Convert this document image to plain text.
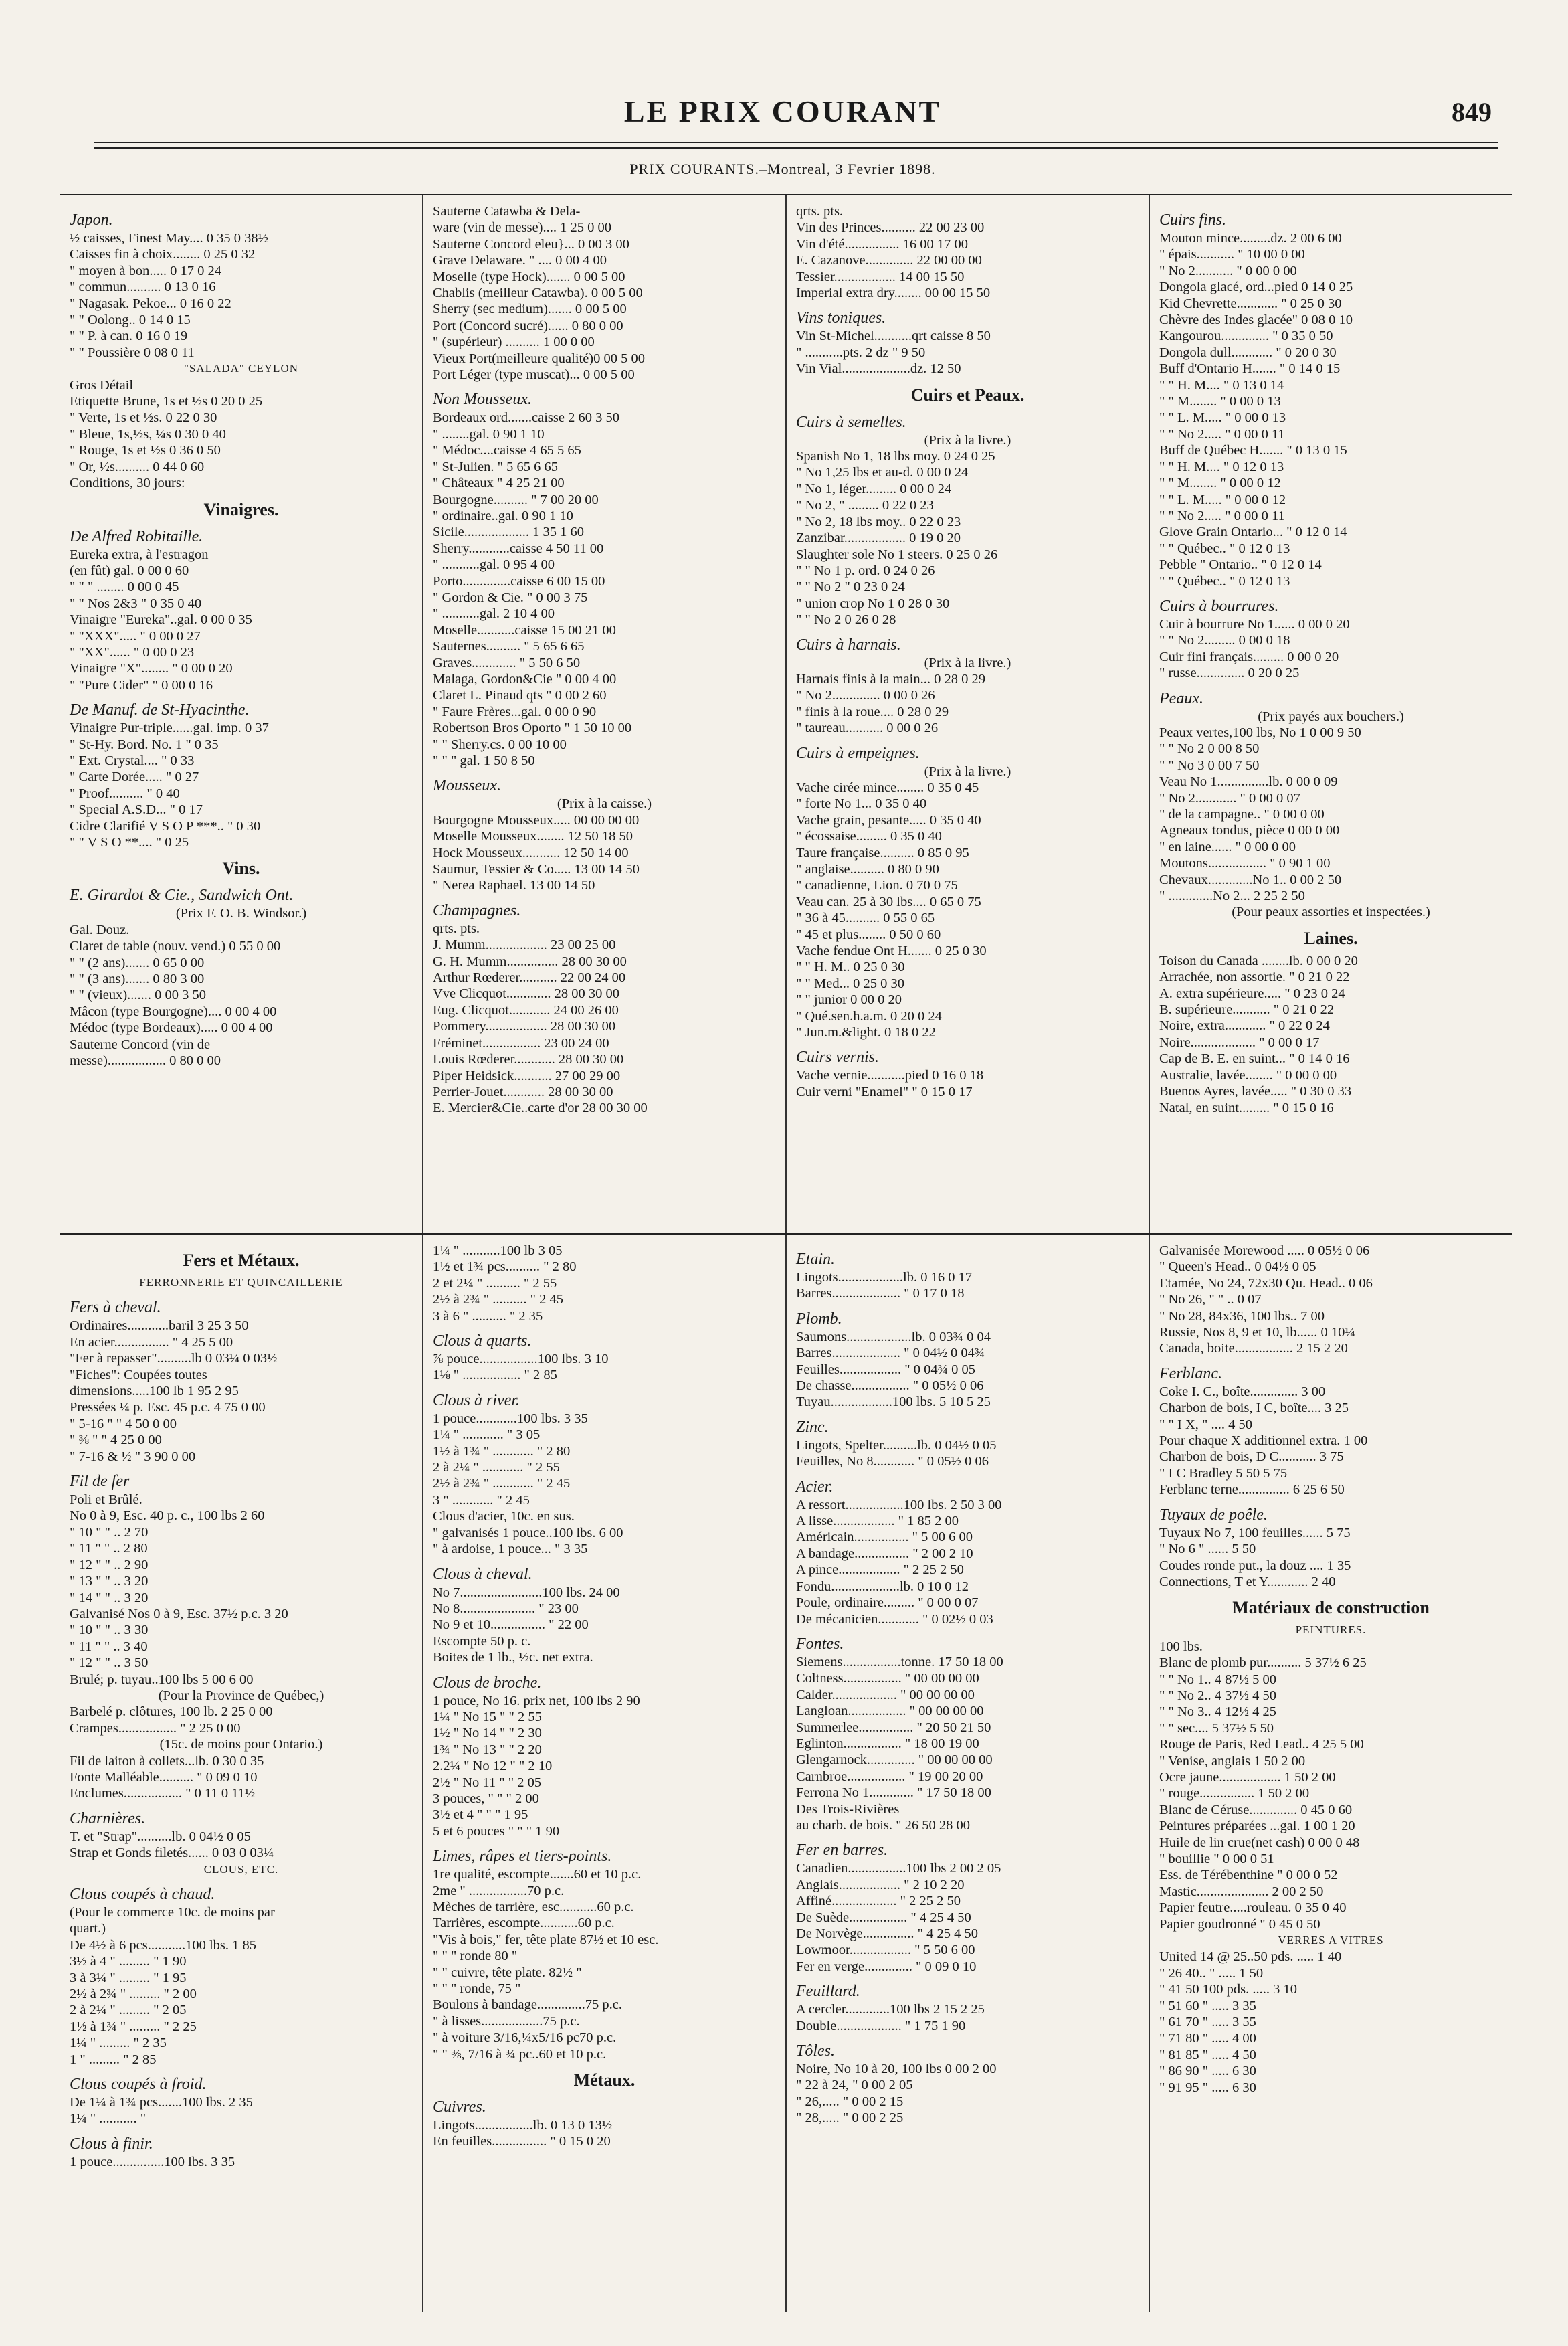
LE PRIX COURANT	849
PRIX COURANTS.–Montreal, 3 Fevrier 1898.
Japon.
½ caisses, Finest May.... 0 35 0 38½
Caisses fin à choix........ 0 25 0 32
" moyen à bon..... 0 17 0 24
" commun.......... 0 13 0 16
" Nagasak. Pekoe... 0 16 0 22
" " Oolong.. 0 14 0 15
" " P. à can. 0 16 0 19
" " Poussière 0 08 0 11
"SALADA" CEYLON
Gros Détail
Etiquette Brune, 1s et ½s 0 20 0 25
" Verte, 1s et ½s. 0 22 0 30
" Bleue, 1s,½s, ¼s 0 30 0 40
" Rouge, 1s et ½s 0 36 0 50
" Or, ½s.......... 0 44 0 60
Conditions, 30 jours:
Vinaigres.
De Alfred Robitaille.
Eureka extra, à l'estragon
(en fût) gal. 0 00 0 60
" " " ........ 0 00 0 45
" " Nos 2&3 " 0 35 0 40
Vinaigre "Eureka"..gal. 0 00 0 35
" "XXX"..... " 0 00 0 27
" "XX"...... " 0 00 0 23
Vinaigre "X"........ " 0 00 0 20
" "Pure Cider" " 0 00 0 16
De Manuf. de St-Hyacinthe.
Vinaigre Pur-triple......gal. imp. 0 37
" St-Hy. Bord. No. 1 " 0 35
" Ext. Crystal.... " 0 33
" Carte Dorée..... " 0 27
" Proof.......... " 0 40
" Special A.S.D... " 0 17
Cidre Clarifié V S O P ***.. " 0 30
" " V S O **.... " 0 25
Vins.
E. Girardot & Cie., Sandwich Ont.
(Prix F. O. B. Windsor.)
Gal. Douz.
Claret de table (nouv. vend.) 0 55 0 00
" " (2 ans)....... 0 65 0 00
" " (3 ans)....... 0 80 3 00
" " (vieux)....... 0 00 3 50
Mâcon (type Bourgogne).... 0 00 4 00
Médoc (type Bordeaux)..... 0 00 4 00
Sauterne Concord (vin de
messe)................. 0 80 0 00
Sauterne Catawba & Dela-
ware (vin de messe).... 1 25 0 00
Sauterne Concord eleu}... 0 00 3 00
Grave Delaware. " .... 0 00 4 00
Moselle (type Hock)....... 0 00 5 00
Chablis (meilleur Catawba). 0 00 5 00
Sherry (sec medium)....... 0 00 5 00
Port (Concord sucré)...... 0 80 0 00
" (supérieur) .......... 1 00 0 00
Vieux Port(meilleure qualité)0 00 5 00
Port Léger (type muscat)... 0 00 5 00
Non Mousseux.
Bordeaux ord.......caisse 2 60 3 50
" ........gal. 0 90 1 10
" Médoc....caisse 4 65 5 65
" St-Julien. " 5 65 6 65
" Châteaux " 4 25 21 00
Bourgogne.......... " 7 00 20 00
" ordinaire..gal. 0 90 1 10
Sicile................... 1 35 1 60
Sherry............caisse 4 50 11 00
" ...........gal. 0 95 4 00
Porto..............caisse 6 00 15 00
" Gordon & Cie. " 0 00 3 75
" ...........gal. 2 10 4 00
Moselle...........caisse 15 00 21 00
Sauternes.......... " 5 65 6 65
Graves............. " 5 50 6 50
Malaga, Gordon&Cie " 0 00 4 00
Claret L. Pinaud qts " 0 00 2 60
" Faure Frères...gal. 0 00 0 90
Robertson Bros Oporto " 1 50 10 00
" " Sherry.cs. 0 00 10 00
" " " gal. 1 50 8 50
Mousseux.
(Prix à la caisse.)
Bourgogne Mousseux..... 00 00 00 00
Moselle Mousseux........ 12 50 18 50
Hock Mousseux........... 12 50 14 00
Saumur, Tessier & Co..... 13 00 14 50
" Nerea Raphael. 13 00 14 50
Champagnes.
qrts. pts.
J. Mumm.................. 23 00 25 00
G. H. Mumm............... 28 00 30 00
Arthur Rœderer........... 22 00 24 00
Vve Clicquot............. 28 00 30 00
Eug. Clicquot............ 24 00 26 00
Pommery.................. 28 00 30 00
Fréminet................. 23 00 24 00
Louis Rœderer............ 28 00 30 00
Piper Heidsick........... 27 00 29 00
Perrier-Jouet............ 28 00 30 00
E. Mercier&Cie..carte d'or 28 00 30 00
qrts. pts.
Vin des Princes.......... 22 00 23 00
Vin d'été................ 16 00 17 00
E. Cazanove.............. 22 00 00 00
Tessier.................. 14 00 15 50
Imperial extra dry........ 00 00 15 50
Vins toniques.
Vin St-Michel...........qrt caisse 8 50
" ...........pts. 2 dz " 9 50
Vin Vial....................dz. 12 50
Cuirs et Peaux.
Cuirs à semelles.
(Prix à la livre.)
Spanish No 1, 18 lbs moy. 0 24 0 25
" No 1,25 lbs et au-d. 0 00 0 24
" No 1, léger......... 0 00 0 24
" No 2, " ......... 0 22 0 23
" No 2, 18 lbs moy.. 0 22 0 23
Zanzibar.................. 0 19 0 20
Slaughter sole No 1 steers. 0 25 0 26
" " No 1 p. ord. 0 24 0 26
" " No 2 " 0 23 0 24
" union crop No 1 0 28 0 30
" " No 2 0 26 0 28
Cuirs à harnais.
(Prix à la livre.)
Harnais finis à la main... 0 28 0 29
" No 2.............. 0 00 0 26
" finis à la roue.... 0 28 0 29
" taureau........... 0 00 0 26
Cuirs à empeignes.
(Prix à la livre.)
Vache cirée mince........ 0 35 0 45
" forte No 1... 0 35 0 40
Vache grain, pesante..... 0 35 0 40
" écossaise......... 0 35 0 40
Taure française.......... 0 85 0 95
" anglaise.......... 0 80 0 90
" canadienne, Lion. 0 70 0 75
Veau can. 25 à 30 lbs.... 0 65 0 75
" 36 à 45.......... 0 55 0 65
" 45 et plus........ 0 50 0 60
Vache fendue Ont H....... 0 25 0 30
" " H. M.. 0 25 0 30
" " Med... 0 25 0 30
" " junior 0 00 0 20
" Qué.sen.h.a.m. 0 20 0 24
" Jun.m.&light. 0 18 0 22
Cuirs vernis.
Vache vernie...........pied 0 16 0 18
Cuir verni "Enamel" " 0 15 0 17
Cuirs fins.
Mouton mince.........dz. 2 00 6 00
" épais........... " 10 00 0 00
" No 2........... " 0 00 0 00
Dongola glacé, ord...pied 0 14 0 25
Kid Chevrette............ " 0 25 0 30
Chèvre des Indes glacée" 0 08 0 10
Kangourou.............. " 0 35 0 50
Dongola dull............ " 0 20 0 30
Buff d'Ontario H....... " 0 14 0 15
" " H. M.... " 0 13 0 14
" " M........ " 0 00 0 13
" " L. M..... " 0 00 0 13
" " No 2..... " 0 00 0 11
Buff de Québec H....... " 0 13 0 15
" " H. M.... " 0 12 0 13
" " M........ " 0 00 0 12
" " L. M..... " 0 00 0 12
" " No 2..... " 0 00 0 11
Glove Grain Ontario... " 0 12 0 14
" " Québec.. " 0 12 0 13
Pebble " Ontario.. " 0 12 0 14
" " Québec.. " 0 12 0 13
Cuirs à bourrures.
Cuir à bourrure No 1...... 0 00 0 20
" " No 2......... 0 00 0 18
Cuir fini français......... 0 00 0 20
" russe.............. 0 20 0 25
Peaux.
(Prix payés aux bouchers.)
Peaux vertes,100 lbs, No 1 0 00 9 50
" " No 2 0 00 8 50
" " No 3 0 00 7 50
Veau No 1...............lb. 0 00 0 09
" No 2............ " 0 00 0 07
" de la campagne.. " 0 00 0 00
Agneaux tondus, pièce 0 00 0 00
" en laine...... " 0 00 0 00
Moutons................. " 0 90 1 00
Chevaux.............No 1.. 0 00 2 50
" .............No 2... 2 25 2 50
(Pour peaux assorties et inspectées.)
Laines.
Toison du Canada ........lb. 0 00 0 20
Arrachée, non assortie. " 0 21 0 22
A. extra supérieure..... " 0 23 0 24
B. supérieure........... " 0 21 0 22
Noire, extra............ " 0 22 0 24
Noire................... " 0 00 0 17
Cap de B. E. en suint... " 0 14 0 16
Australie, lavée........ " 0 00 0 00
Buenos Ayres, lavée..... " 0 30 0 33
Natal, en suint......... " 0 15 0 16
Fers et Métaux.
FERRONNERIE ET QUINCAILLERIE
Fers à cheval.
Ordinaires............baril 3 25 3 50
En acier................ " 4 25 5 00
"Fer à repasser"..........lb 0 03¼ 0 03½
"Fiches": Coupées toutes
dimensions.....100 lb 1 95 2 95
Pressées ¼ p. Esc. 45 p.c. 4 75 0 00
" 5-16 " " 4 50 0 00
" ⅜ " " 4 25 0 00
" 7-16 & ½ " 3 90 0 00
Fil de fer
Poli et Brûlé.
No 0 à 9, Esc. 40 p. c., 100 lbs 2 60
" 10 " " .. 2 70
" 11 " " .. 2 80
" 12 " " .. 2 90
" 13 " " .. 3 20
" 14 " " .. 3 20
Galvanisé Nos 0 à 9, Esc. 37½ p.c. 3 20
" 10 " " .. 3 30
" 11 " " .. 3 40
" 12 " " .. 3 50
Brulé; p. tuyau..100 lbs 5 00 6 00
(Pour la Province de Québec,)
Barbelé p. clôtures, 100 lb. 2 25 0 00
Crampes................. " 2 25 0 00
(15c. de moins pour Ontario.)
Fil de laiton à collets...lb. 0 30 0 35
Fonte Malléable.......... " 0 09 0 10
Enclumes................. " 0 11 0 11½
Charnières.
T. et "Strap"..........lb. 0 04½ 0 05
Strap et Gonds filetés...... 0 03 0 03¼
CLOUS, ETC.
Clous coupés à chaud.
(Pour le commerce 10c. de moins par
quart.)
De 4½ à 6 pcs...........100 lbs. 1 85
3½ à 4 " ......... " 1 90
3 à 3¼ " ......... " 1 95
2½ à 2¾ " ......... " 2 00
2 à 2¼ " ......... " 2 05
1½ à 1¾ " ......... " 2 25
1¼ " ......... " 2 35
1 " ......... " 2 85
Clous coupés à froid.
De 1¼ à 1¾ pcs.......100 lbs. 2 35
1¼ " ........... "
Clous à finir.
1 pouce...............100 lbs. 3 35
1¼ " ...........100 lb 3 05
1½ et 1¾ pcs.......... " 2 80
2 et 2¼ " .......... " 2 55
2½ à 2¾ " .......... " 2 45
3 à 6 " .......... " 2 35
Clous à quarts.
⅞ pouce.................100 lbs. 3 10
1⅛ " ................. " 2 85
Clous à river.
1 pouce............100 lbs. 3 35
1¼ " ............ " 3 05
1½ à 1¾ " ............ " 2 80
2 à 2¼ " ............ " 2 55
2½ à 2¾ " ............ " 2 45
3 " ............ " 2 45
Clous d'acier, 10c. en sus.
" galvanisés 1 pouce..100 lbs. 6 00
" à ardoise, 1 pouce... " 3 35
Clous à cheval.
No 7........................100 lbs. 24 00
No 8...................... " 23 00
No 9 et 10................ " 22 00
Escompte 50 p. c.
Boites de 1 lb., ½c. net extra.
Clous de broche.
1 pouce, No 16. prix net, 100 lbs 2 90
1¼ " No 15 " " 2 55
1½ " No 14 " " 2 30
1¾ " No 13 " " 2 20
2.2¼ " No 12 " " 2 10
2½ " No 11 " " 2 05
3 pouces, " " " 2 00
3½ et 4 " " " 1 95
5 et 6 pouces " " " 1 90
Limes, râpes et tiers-points.
1re qualité, escompte.......60 et 10 p.c.
2me " .................70 p.c.
Mèches de tarrière, esc...........60 p.c.
Tarrières, escompte...........60 p.c.
"Vis à bois," fer, tête plate 87½ et 10 esc.
" " " ronde 80 "
" " cuivre, tête plate. 82½ "
" " " ronde, 75 "
Boulons à bandage..............75 p.c.
" à lisses..................75 p.c.
" à voiture 3/16,¼x5/16 pc70 p.c.
" " ⅜, 7/16 à ¾ pc..60 et 10 p.c.
Métaux.
Cuivres.
Lingots.................lb. 0 13 0 13½
En feuilles................ " 0 15 0 20
Etain.
Lingots...................lb. 0 16 0 17
Barres.................... " 0 17 0 18
Plomb.
Saumons...................lb. 0 03¾ 0 04
Barres.................... " 0 04½ 0 04¾
Feuilles.................. " 0 04¾ 0 05
De chasse................. " 0 05½ 0 06
Tuyau..................100 lbs. 5 10 5 25
Zinc.
Lingots, Spelter..........lb. 0 04½ 0 05
Feuilles, No 8............ " 0 05½ 0 06
Acier.
A ressort.................100 lbs. 2 50 3 00
A lisse.................. " 1 85 2 00
Américain................ " 5 00 6 00
A bandage................ " 2 00 2 10
A pince.................. " 2 25 2 50
Fondu....................lb. 0 10 0 12
Poule, ordinaire......... " 0 00 0 07
De mécanicien............ " 0 02½ 0 03
Fontes.
Siemens.................tonne. 17 50 18 00
Coltness................. " 00 00 00 00
Calder................... " 00 00 00 00
Langloan................. " 00 00 00 00
Summerlee................ " 20 50 21 50
Eglinton................. " 18 00 19 00
Glengarnock.............. " 00 00 00 00
Carnbroe................. " 19 00 20 00
Ferrona No 1............. " 17 50 18 00
Des Trois-Rivières
au charb. de bois. " 26 50 28 00
Fer en barres.
Canadien.................100 lbs 2 00 2 05
Anglais.................. " 2 10 2 20
Affiné................... " 2 25 2 50
De Suède................. " 4 25 4 50
De Norvège............... " 4 25 4 50
Lowmoor.................. " 5 50 6 00
Fer en verge.............. " 0 09 0 10
Feuillard.
A cercler.............100 lbs 2 15 2 25
Double................... " 1 75 1 90
Tôles.
Noire, No 10 à 20, 100 lbs 0 00 2 00
" 22 à 24, " 0 00 2 05
" 26,..... " 0 00 2 15
" 28,..... " 0 00 2 25
Galvanisée Morewood ..... 0 05½ 0 06
" Queen's Head.. 0 04½ 0 05
Etamée, No 24, 72x30 Qu. Head.. 0 06
" No 26, " " .. 0 07
" No 28, 84x36, 100 lbs.. 7 00
Russie, Nos 8, 9 et 10, lb...... 0 10¼
Canada, boite................. 2 15 2 20
Ferblanc.
Coke I. C., boîte.............. 3 00
Charbon de bois, I C, boîte.... 3 25
" " I X, " .... 4 50
Pour chaque X additionnel extra. 1 00
Charbon de bois, D C........... 3 75
" I C Bradley 5 50 5 75
Ferblanc terne............... 6 25 6 50
Tuyaux de poêle.
Tuyaux No 7, 100 feuilles...... 5 75
" No 6 " ...... 5 50
Coudes ronde put., la douz .... 1 35
Connections, T et Y............ 2 40
Matériaux de construction
PEINTURES.
100 lbs.
Blanc de plomb pur.......... 5 37½ 6 25
" " No 1.. 4 87½ 5 00
" " No 2.. 4 37½ 4 50
" " No 3.. 4 12½ 4 25
" " sec.... 5 37½ 5 50
Rouge de Paris, Red Lead.. 4 25 5 00
" Venise, anglais 1 50 2 00
Ocre jaune.................. 1 50 2 00
" rouge................ 1 50 2 00
Blanc de Céruse.............. 0 45 0 60
Peintures préparées ...gal. 1 00 1 20
Huile de lin crue(net cash) 0 00 0 48
" bouillie " 0 00 0 51
Ess. de Térébenthine " 0 00 0 52
Mastic..................... 2 00 2 50
Papier feutre.....rouleau. 0 35 0 40
Papier goudronné " 0 45 0 50
VERRES A VITRES
United 14 @ 25..50 pds. ..... 1 40
" 26 40.. " ..... 1 50
" 41 50 100 pds. ..... 3 10
" 51 60 " ..... 3 35
" 61 70 " ..... 3 55
" 71 80 " ..... 4 00
" 81 85 " ..... 4 50
" 86 90 " ..... 6 30
" 91 95 " ..... 6 30
